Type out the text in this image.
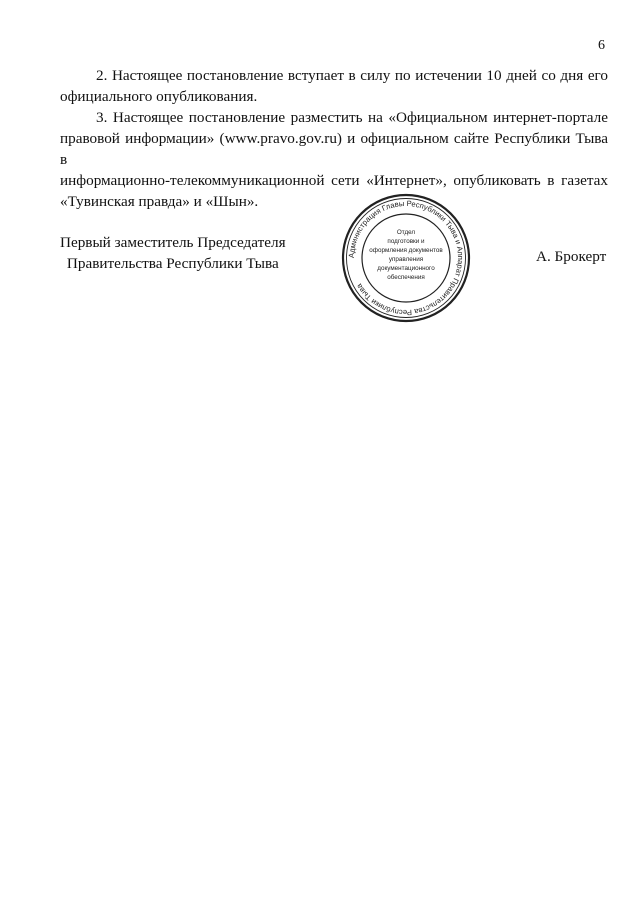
6

2. Настоящее постановление вступает в силу по истечении 10 дней со дня его
официального опубликования.

3. Настоящее постановление разместить на «Официальном интернет-портале
правовой информации» (www.pravo.gov.ru) и официальном сайте Республики Тыва в
информационно-телекоммуникационной сети «Интернет», опубликовать в газетах
«Тувинская правда» и «Шын».

Первый заместитель Председателя
Правительства Республики Тыва	Администрация Главы Республики Тыва и Аппарат Правительства Республики Тыва
Отдел
подготовки и
оформления документов
управления
документационного
обеспечения
А. Брокерт
